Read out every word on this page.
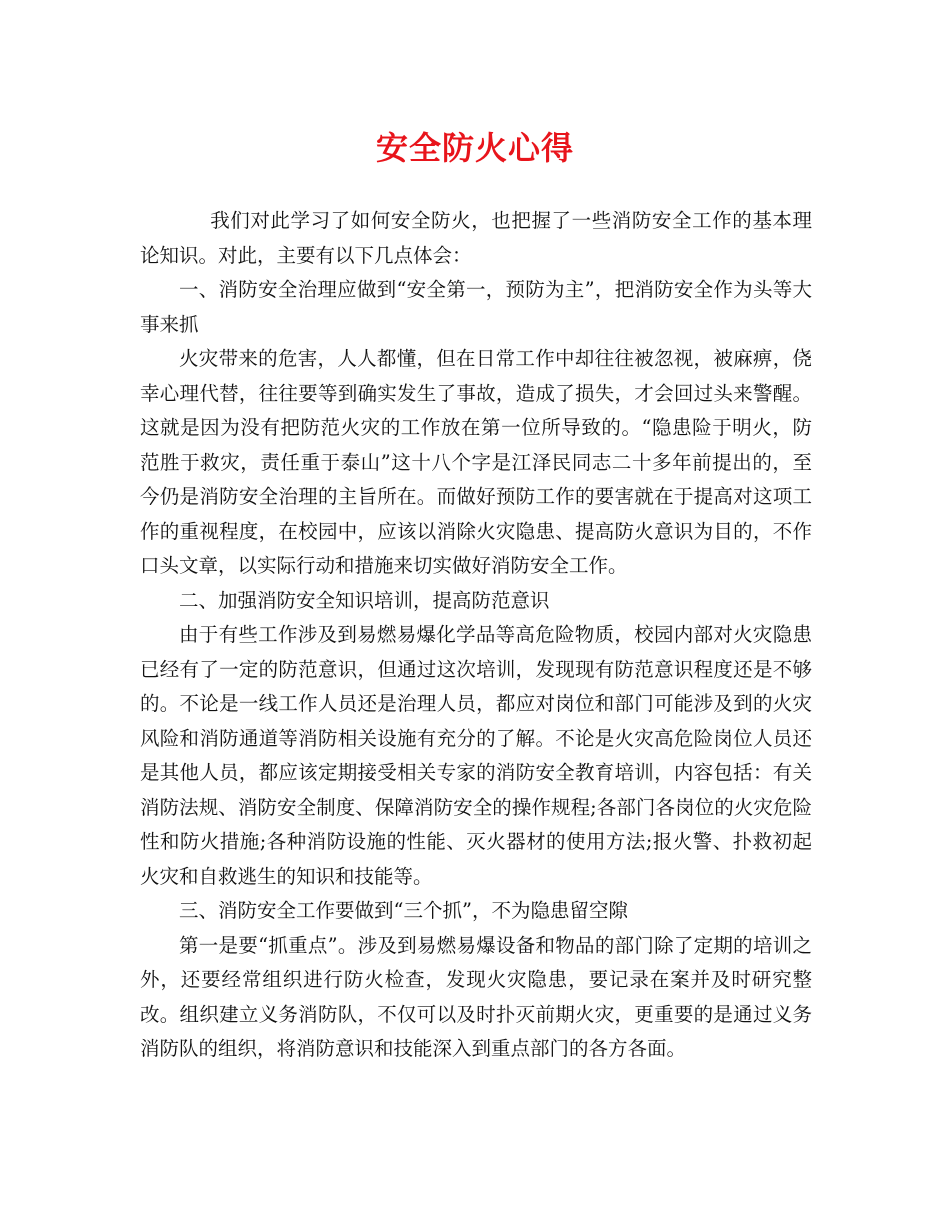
安全防火心得

我们对此学习了如何安全防火，也把握了一些消防安全工作的基本理论知识。对此，主要有以下几点体会：

一、消防安全治理应做到“安全第一，预防为主”，把消防安全作为头等大事来抓

火灾带来的危害，人人都懂，但在日常工作中却往往被忽视，被麻痹，侥幸心理代替，往往要等到确实发生了事故，造成了损失，才会回过头来警醒。这就是因为没有把防范火灾的工作放在第一位所导致的。“隐患险于明火，防范胜于救灾，责任重于泰山”这十八个字是江泽民同志二十多年前提出的，至今仍是消防安全治理的主旨所在。而做好预防工作的要害就在于提高对这项工作的重视程度，在校园中，应该以消除火灾隐患、提高防火意识为目的，不作口头文章，以实际行动和措施来切实做好消防安全工作。

二、加强消防安全知识培训，提高防范意识

由于有些工作涉及到易燃易爆化学品等高危险物质，校园内部对火灾隐患已经有了一定的防范意识，但通过这次培训，发现现有防范意识程度还是不够的。不论是一线工作人员还是治理人员，都应对岗位和部门可能涉及到的火灾风险和消防通道等消防相关设施有充分的了解。不论是火灾高危险岗位人员还是其他人员，都应该定期接受相关专家的消防安全教育培训，内容包括：有关消防法规、消防安全制度、保障消防安全的操作规程;各部门各岗位的火灾危险性和防火措施;各种消防设施的性能、灭火器材的使用方法;报火警、扑救初起火灾和自救逃生的知识和技能等。

三、消防安全工作要做到“三个抓”，不为隐患留空隙

第一是要“抓重点”。涉及到易燃易爆设备和物品的部门除了定期的培训之外，还要经常组织进行防火检查，发现火灾隐患，要记录在案并及时研究整改。组织建立义务消防队，不仅可以及时扑灭前期火灾，更重要的是通过义务消防队的组织，将消防意识和技能深入到重点部门的各方各面。
